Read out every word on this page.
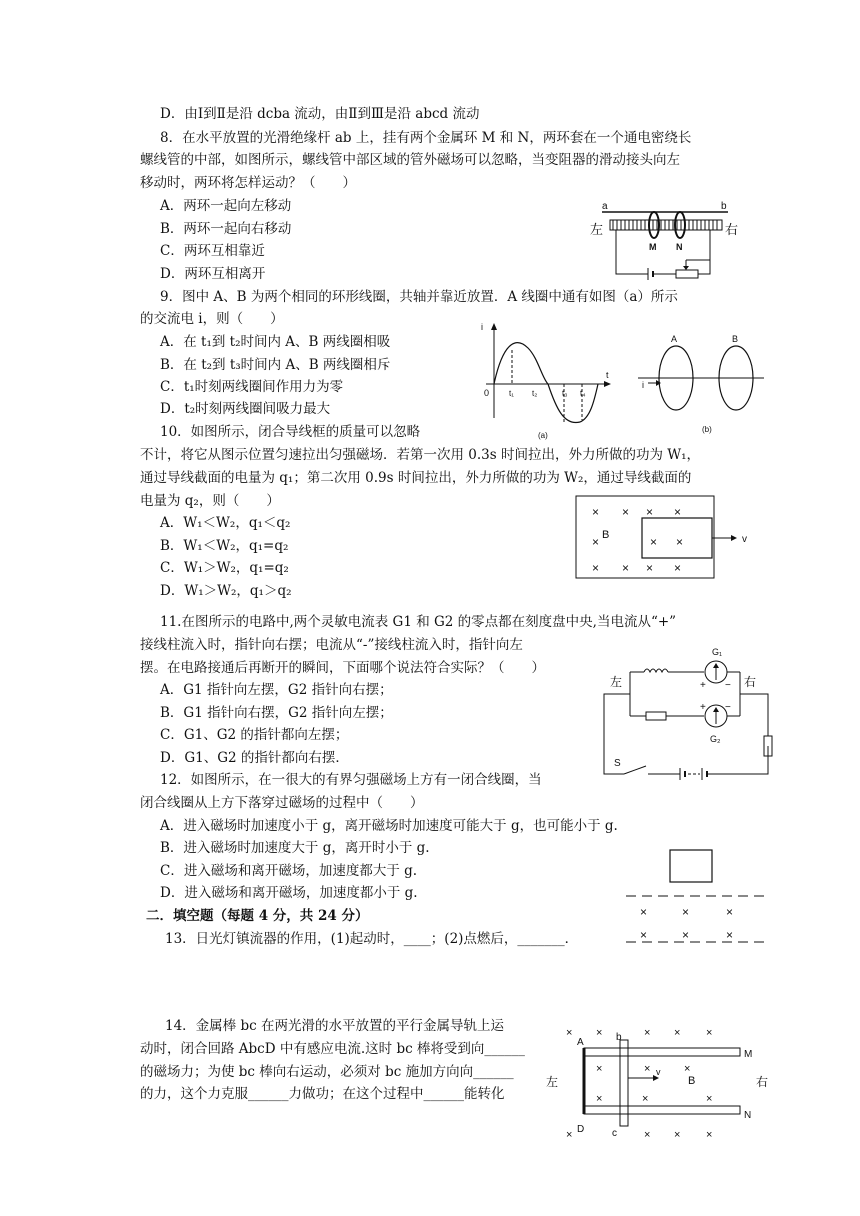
D．由Ⅰ到Ⅱ是沿 dcba 流动，由Ⅱ到Ⅲ是沿 abcd 流动
8．在水平放置的光滑绝缘杆 ab 上，挂有两个金属环 M 和 N，两环套在一个通电密绕长
螺线管的中部，如图所示，螺线管中部区域的管外磁场可以忽略，当变阻器的滑动接头向左
移动时，两环将怎样运动？（　　）
A．两环一起向左移动
B．两环一起向右移动
C．两环互相靠近
D．两环互相离开
a	b
左	右
M N
9．图中 A、B 为两个相同的环形线圈，共轴并靠近放置．A 线圈中通有如图（a）所示
的交流电 i，则（　　）
A．在 t₁到 t₂时间内 A、B 两线圈相吸
B．在 t₂到 t₃时间内 A、B 两线圈相斥
C．t₁时刻两线圈间作用力为零
D．t₂时刻两线圈间吸力最大
i
t
0 t₁ t₂	t₃ t₄
(a)
A	B
i
(b)
10．如图所示，闭合导线框的质量可以忽略
不计，将它从图示位置匀速拉出匀强磁场．若第一次用 0.3s 时间拉出，外力所做的功为 W₁，
通过导线截面的电量为 q₁；第二次用 0.9s 时间拉出，外力所做的功为 W₂，通过导线截面的
电量为 q₂，则（　　）
A．W₁＜W₂，q₁＜q₂
B．W₁＜W₂，q₁=q₂
C．W₁＞W₂，q₁=q₂
D．W₁＞W₂，q₁＞q₂
v
B
× × × ×
×	× ×
× × × ×
11.在图所示的电路中,两个灵敏电流表 G1 和 G2 的零点都在刻度盘中央,当电流从“+”
接线柱流入时，指针向右摆；电流从“-”接线柱流入时，指针向左
摆。在电路接通后再断开的瞬间，下面哪个说法符合实际？（　　）
A．G1 指针向左摆，G2 指针向右摆；
B．G1 指针向右摆，G2 指针向左摆；
C．G1、G2 的指针都向左摆；
D．G1、G2 的指针都向右摆．
左	右
G₁
+ −
G₂
+ −
S
12．如图所示，在一很大的有界匀强磁场上方有一闭合线圈，当
闭合线圈从上方下落穿过磁场的过程中（　　）
A．进入磁场时加速度小于 g，离开磁场时加速度可能大于 g，也可能小于 g.
B．进入磁场时加速度大于 g，离开时小于 g.
C．进入磁场和离开磁场，加速度都大于 g.
D．进入磁场和离开磁场，加速度都小于 g.
×	×	×
×	×	×
二．填空题（每题 4 分，共 24 分）
13．日光灯镇流器的作用，(1)起动时，____；(2)点燃后，_______．
14．金属棒 bc 在两光滑的水平放置的平行金属导轨上运
动时，闭合回路 AbcD 中有感应电流.这时 bc 棒将受到向______
的磁场力；为使 bc 棒向右运动，必须对 bc 施加方向向______
的力，这个力克服______力做功；在这个过程中______能转化
× ×	× × ×
×	×	×
×	×	×
×	× × ×
A	b
M
左	右
B
D	c
N
v
